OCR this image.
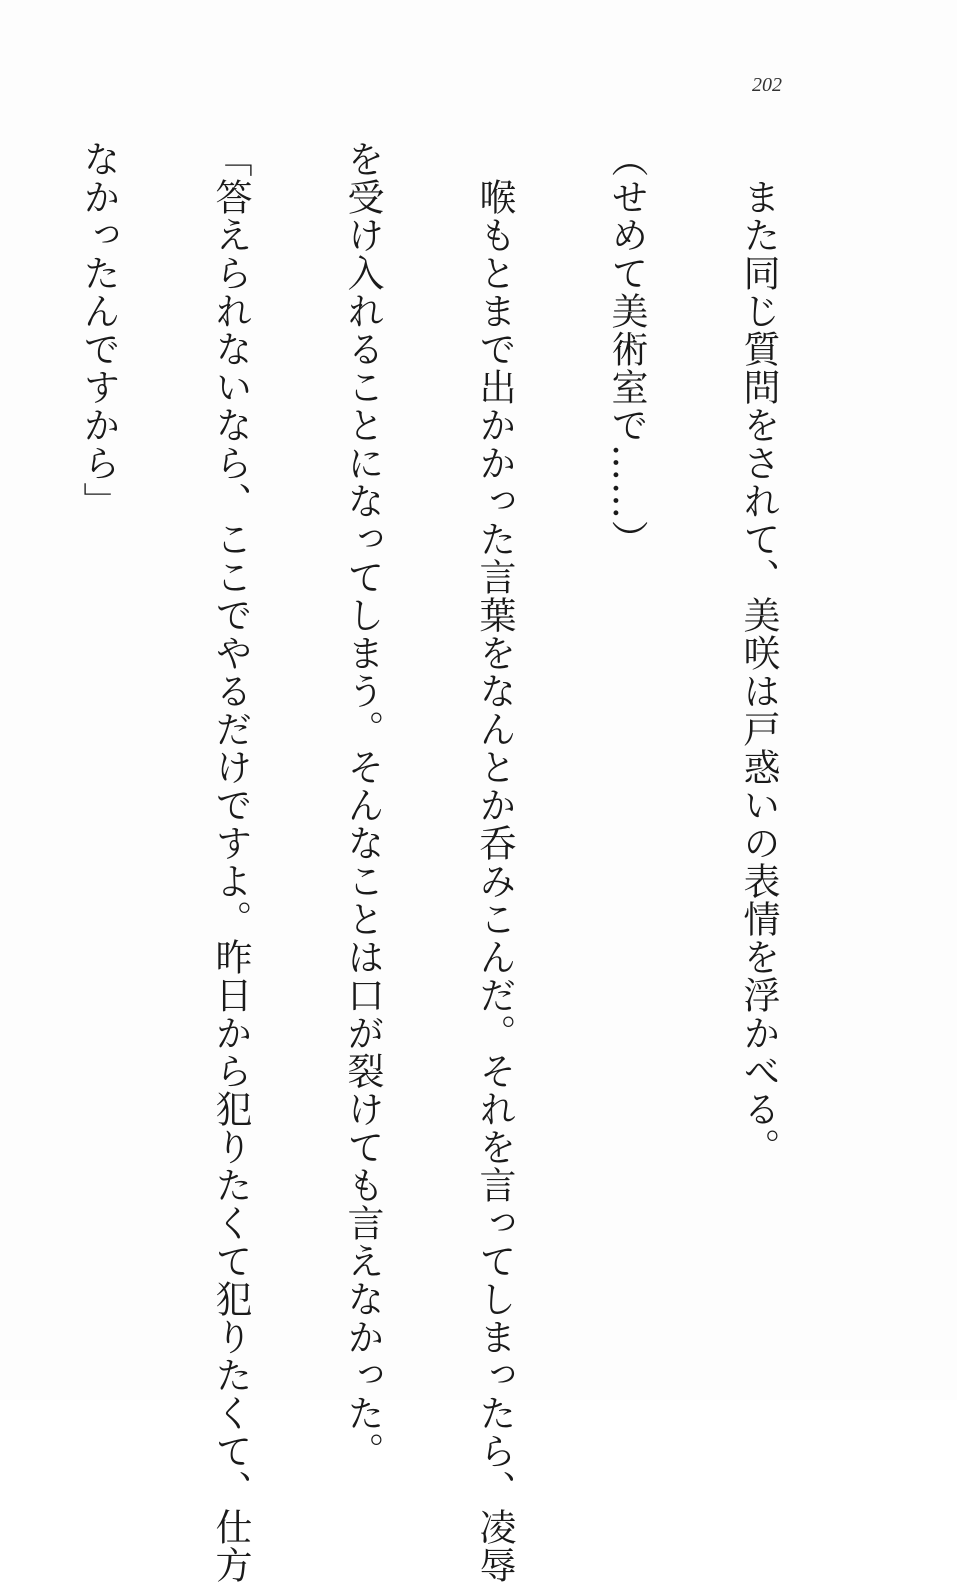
202

　また同じ質問をされて、美咲は戸惑いの表情を浮かべる。

（せめて美術室で……）

　喉もとまで出かかった言葉をなんとか呑みこんだ。それを言ってしまったら、凌辱

を受け入れることになってしまう。そんなことは口が裂けても言えなかった。

「答えられないなら、ここでやるだけですよ。昨日から犯りたくて犯りたくて、仕方

なかったんですから」
